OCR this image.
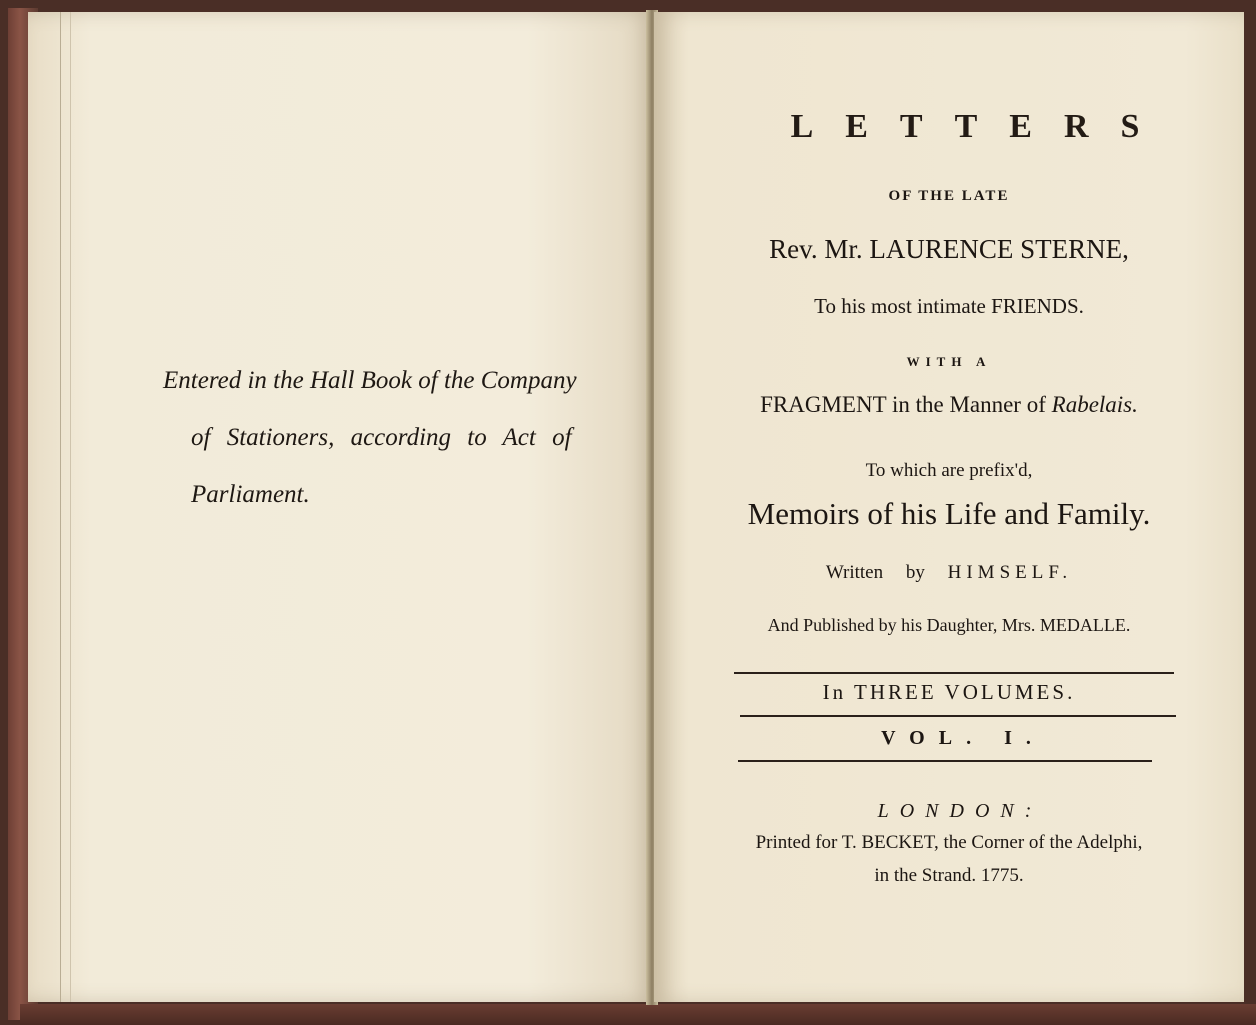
Entered in the Hall Book of the Company
of Stationers, according to Act of
Parliament.
LETTERS
OF THE LATE
Rev. Mr. LAURENCE STERNE,
To his most intimate FRIENDS.
WITH A
FRAGMENT in the Manner of Rabelais.
To which are prefix'd,
Memoirs of his Life and Family.
Written by HIMSELF.
And Published by his Daughter, Mrs. MEDALLE.
In THREE VOLUMES.
VOL. I.
LONDON:
Printed for T. BECKET, the Corner of the Adelphi,
in the Strand. 1775.
